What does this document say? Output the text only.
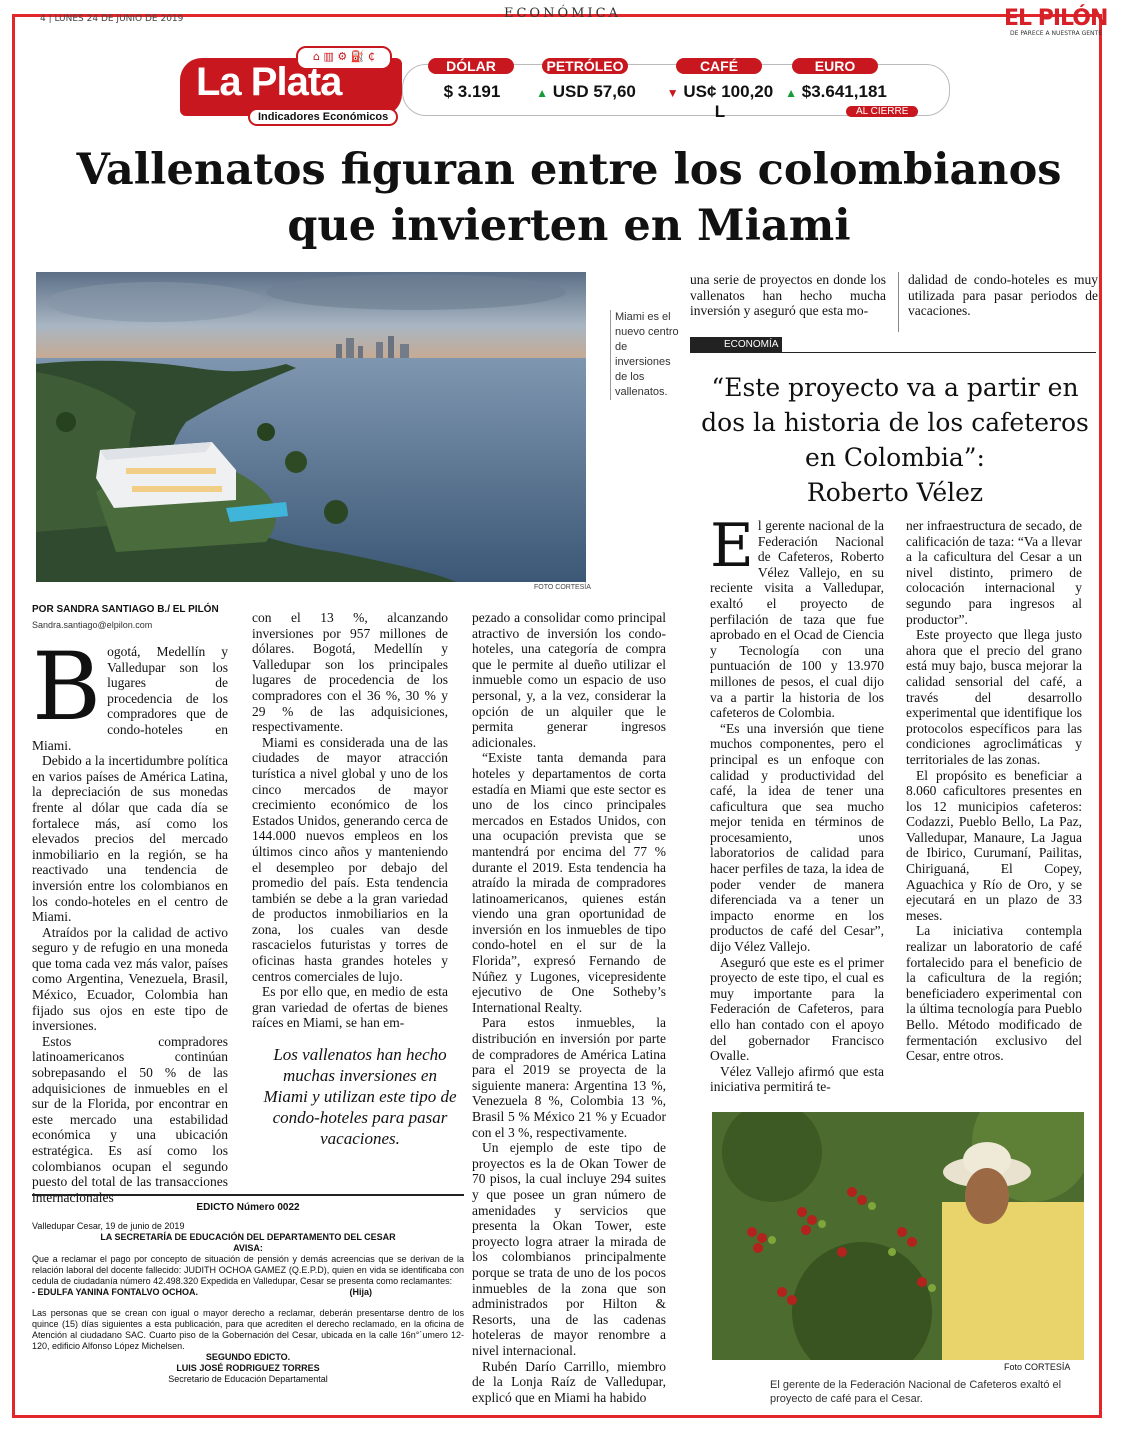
4 | LUNES 24 DE JUNIO DE 2019	ECONÓMICA	EL PILÓN
DE PARECE A NUESTRA GENTE
⌂ ▥ ⚙ ⛽ ₵
La Plata
Indicadores Económicos
DÓLAR
$ 3.191
PETRÓLEO
▲ USD 57,60
CAFÉ
▼ US¢ 100,20 L
EURO
▲ $3.641,181
AL CIERRE
Vallenatos figuran entre los colombianos
que invierten en Miami
Miami es el nuevo centro de inversiones de los vallenatos.
FOTO CORTESÍA
POR SANDRA SANTIAGO B./ EL PILÓN
Sandra.santiago@elpilon.com
B ogotá, Medellín y Valledupar son los lugares de procedencia de los compradores que de condo-hoteles en Miami.

Debido a la incertidumbre política en varios países de América Latina, la depreciación de sus monedas frente al dólar que cada día se fortalece más, así como los elevados precios del mercado inmobiliario en la región, se ha reactivado una tendencia de inversión entre los colombianos en los condo-hoteles en el centro de Miami.

Atraídos por la calidad de activo seguro y de refugio en una moneda que toma cada vez más valor, países como Argentina, Venezuela, Brasil, México, Ecuador, Colombia han fijado sus ojos en este tipo de inversiones.

Estos compradores latinoamericanos continúan sobrepasando el 50 % de las adquisiciones de inmuebles en el sur de la Florida, por encontrar en este mercado una estabilidad económica y una ubicación estratégica. Es así como los colombianos ocupan el segundo puesto del total de las transacciones internacionales

con el 13 %, alcanzando inversiones por 957 millones de dólares. Bogotá, Medellín y Valledupar son los principales lugares de procedencia de los compradores con el 36 %, 30 % y 29 % de las adquisiciones, respectivamente.

Miami es considerada una de las ciudades de mayor atracción turística a nivel global y uno de los cinco mercados de mayor crecimiento económico de los Estados Unidos, generando cerca de 144.000 nuevos empleos en los últimos cinco años y manteniendo el desempleo por debajo del promedio del país. Esta tendencia también se debe a la gran variedad de productos inmobiliarios en la zona, los cuales van desde rascacielos futuristas y torres de oficinas hasta grandes hoteles y centros comerciales de lujo.

Es por ello que, en medio de esta gran variedad de ofertas de bienes raíces en Miami, se han em-

Los vallenatos han hecho muchas inversiones en Miami y utilizan este tipo de condo-hoteles para pasar vacaciones.

pezado a consolidar como principal atractivo de inversión los condo-hoteles, una categoría de compra que le permite al dueño utilizar el inmueble como un espacio de uso personal, y, a la vez, considerar la opción de un alquiler que le permita generar ingresos adicionales.

“Existe tanta demanda para hoteles y departamentos de corta estadía en Miami que este sector es uno de los cinco principales mercados en Estados Unidos, con una ocupación prevista que se mantendrá por encima del 77 % durante el 2019. Esta tendencia ha atraído la mirada de compradores latinoamericanos, quienes están viendo una gran oportunidad de inversión en los inmuebles de tipo condo-hotel en el sur de la Florida”, expresó Fernando de Núñez y Lugones, vicepresidente ejecutivo de One Sotheby’s International Realty.

Para estos inmuebles, la distribución en inversión por parte de compradores de América Latina para el 2019 se proyecta de la siguiente manera: Argentina 13 %, Venezuela 8 %, Colombia 13 %, Brasil 5 % México 21 % y Ecuador con el 3 %, respectivamente.

Un ejemplo de este tipo de proyectos es la de Okan Tower de 70 pisos, la cual incluye 294 suites y que posee un gran número de amenidades y servicios que presenta la Okan Tower, este proyecto logra atraer la mirada de los colombianos principalmente porque se trata de uno de los pocos inmuebles de la zona que son administrados por Hilton & Resorts, una de las cadenas hoteleras de mayor renombre a nivel internacional.

Rubén Darío Carrillo, miembro de la Lonja Raíz de Valledupar, explicó que en Miami ha habido

una serie de proyectos en donde los vallenatos han hecho mucha inversión y aseguró que esta mo-

dalidad de condo-hoteles es muy utilizada para pasar periodos de vacaciones.

EDICTO Número 0022
Valledupar Cesar, 19 de junio de 2019
LA SECRETARÍA DE EDUCACIÓN DEL DEPARTAMENTO DEL CESAR
AVISA:
Que a reclamar el pago por concepto de situación de pensión y demás acreencias que se derivan de la relación laboral del docente fallecido: JUDITH OCHOA GAMEZ (Q.E.P.D), quien en vida se identificaba con cedula de ciudadanía número 42.498.320 Expedida en Valledupar, Cesar se presenta como reclamantes:
- EDULFA YANINA FONTALVO OCHOA.	(Hija)
Las personas que se crean con igual o mayor derecho a reclamar, deberán presentarse dentro de los quince (15) días siguientes a esta publicación, para que acrediten el derecho reclamado, en la oficina de Atención al ciudadano SAC. Cuarto piso de la Gobernación del Cesar, ubicada en la calle 16n°´umero 12-120, edificio Alfonso López Michelsen.
SEGUNDO EDICTO.
LUIS JOSÉ RODRIGUEZ TORRES
Secretario de Educación Departamental
ECONOMÍA
“Este proyecto va a partir en dos la historia de los cafeteros en Colombia”:
Roberto Vélez
E l gerente nacional de la Federación Nacional de Cafeteros, Roberto Vélez Vallejo, en su reciente visita a Valledupar, exaltó el proyecto de perfilación de taza que fue aprobado en el Ocad de Ciencia y Tecnología con una puntuación de 100 y 13.970 millones de pesos, el cual dijo va a partir la historia de los cafeteros de Colombia.

“Es una inversión que tiene muchos componentes, pero el principal es un enfoque con calidad y productividad del café, la idea de tener una caficultura que sea mucho mejor tenida en términos de procesamiento, unos laboratorios de calidad para hacer perfiles de taza, la idea de poder vender de manera diferenciada va a tener un impacto enorme en los productos de café del Cesar”, dijo Vélez Vallejo.

Aseguró que este es el primer proyecto de este tipo, el cual es muy importante para la Federación de Cafeteros, para ello han contado con el apoyo del gobernador Francisco Ovalle.

Vélez Vallejo afirmó que esta iniciativa permitirá te-

ner infraestructura de secado, de calificación de taza: “Va a llevar a la caficultura del Cesar a un nivel distinto, primero de colocación internacional y segundo para ingresos al productor”.

Este proyecto que llega justo ahora que el precio del grano está muy bajo, busca mejorar la calidad sensorial del café, a través del desarrollo experimental que identifique los protocolos específicos para las condiciones agroclimáticas y territoriales de las zonas.

El propósito es beneficiar a 8.060 caficultores presentes en los 12 municipios cafeteros: Codazzi, Pueblo Bello, La Paz, Valledupar, Manaure, La Jagua de Ibirico, Curumaní, Pailitas, Chiriguaná, El Copey, Aguachica y Río de Oro, y se ejecutará en un plazo de 33 meses.

La iniciativa contempla realizar un laboratorio de café fortalecido para el beneficio de la caficultura de la región; beneficiadero experimental con la última tecnología para Pueblo Bello. Método modificado de fermentación exclusivo del Cesar, entre otros.

Foto CORTESÍA
El gerente de la Federación Nacional de Cafeteros exaltó el proyecto de café para el Cesar.
